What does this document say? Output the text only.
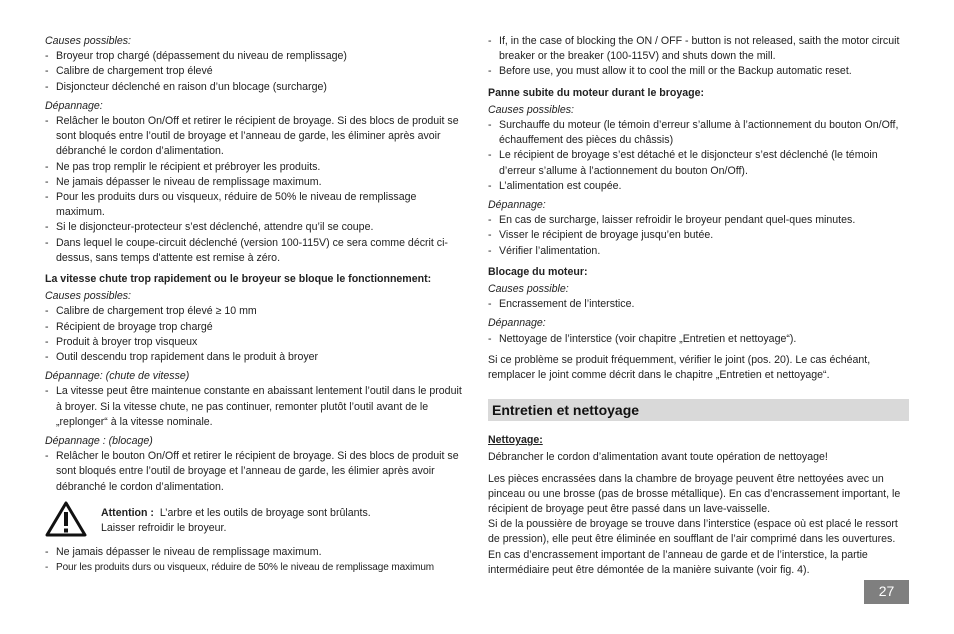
Causes possibles:

- Broyeur trop chargé (dépassement du niveau de remplissage)
- Calibre de chargement trop élevé
- Disjoncteur déclenché en raison d’un blocage (surcharge)

Dépannage:

- Relâcher le bouton On/Off et retirer le récipient de broyage. Si des blocs de produit se sont bloqués entre l’outil de broyage et l’anneau de garde, les éliminer après avoir débranché le cordon d’alimentation.
- Ne pas trop remplir le récipient et prébroyer les produits.
- Ne jamais dépasser le niveau de remplissage maximum.
- Pour les produits durs ou visqueux, réduire de 50% le niveau de remplissage maximum.
- Si le disjoncteur-protecteur s’est déclenché, attendre qu’il se coupe.
- Dans lequel le coupe-circuit déclenché (version 100-115V) ce sera comme décrit ci-dessus, sans temps d'attente est remise à zéro.

La vitesse chute trop rapidement ou le broyeur se bloque le fonctionnement:

Causes possibles:

- Calibre de chargement trop élevé ≥ 10 mm
- Récipient de broyage trop chargé
- Produit à broyer trop visqueux
- Outil descendu trop rapidement dans le produit à broyer

Dépannage: (chute de vitesse)

- La vitesse peut être maintenue constante en abaissant lentement l’outil dans le produit à broyer. Si la vitesse chute, ne pas continuer, remonter plutôt l’outil avant de le „replonger“ à la vitesse nominale.

Dépannage : (blocage)

- Relâcher le bouton On/Off et retirer le récipient de broyage. Si des blocs de produit se sont bloqués entre l’outil de broyage et l’anneau de garde, les élimier après avoir débranché le cordon d’alimentation.
Attention : L’arbre et les outils de broyage sont brûlants.
Laisser refroidir le broyeur.
- Ne jamais dépasser le niveau de remplissage maximum.
- Pour les produits durs ou visqueux, réduire de 50% le niveau de remplissage maximum
- If, in the case of blocking the ON / OFF - button is not released, saith the motor circuit breaker or the breaker (100-115V) and shuts down the mill.
- Before use, you must allow it to cool the mill or the Backup automatic reset.

Panne subite du moteur durant le broyage:

Causes possibles:

- Surchauffe du moteur (le témoin d’erreur s’allume à l’actionnement du bouton On/Off, échauffement des pièces du châssis)
- Le récipient de broyage s’est détaché et le disjoncteur s’est déclenché (le témoin d’erreur s’allume à l’actionnement du bouton On/Off).
- L’alimentation est coupée.

Dépannage:

- En cas de surcharge, laisser refroidir le broyeur pendant quel-ques minutes.
- Visser le récipient de broyage jusqu’en butée.
- Vérifier l’alimentation.

Blocage du moteur:

Causes possible:

- Encrassement de l’interstice.

Dépannage:

- Nettoyage de l’interstice (voir chapitre „Entretien et nettoyage“).

Si ce problème se produit fréquemment, vérifier le joint (pos. 20). Le cas échéant, remplacer le joint comme décrit dans le chapitre „Entretien et nettoyage“.

Entretien et nettoyage

Nettoyage:

Débrancher le cordon d’alimentation avant toute opération de nettoyage!

Les pièces encrassées dans la chambre de broyage peuvent être nettoyées avec un pinceau ou une brosse (pas de brosse métallique). En cas d’encrassement important, le récipient de broyage peut être passé dans un lave-vaisselle.

Si de la poussière de broyage se trouve dans l’interstice (espace où est placé le ressort de pression), elle peut être éliminée en soufflant de l’air comprimé dans les ouvertures.

En cas d’encrassement important de l’anneau de garde et de l’interstice, la partie intermédiaire peut être démontée de la manière suivante (voir fig. 4).

27
